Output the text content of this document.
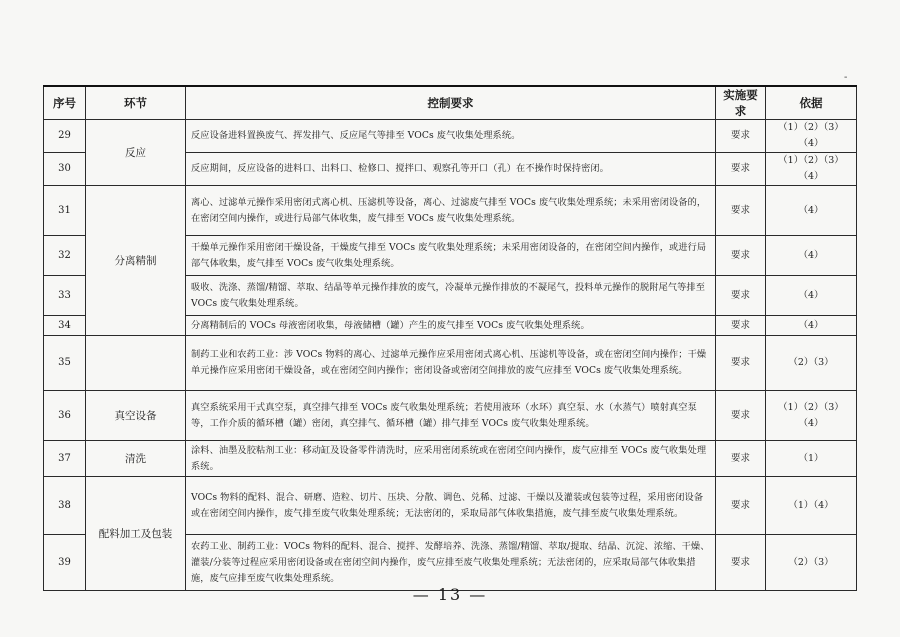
-
序号	环节	控制要求	实施要求	依据
29	反应	反应设备进料置换废气、挥发排气、反应尾气等排至 VOCs 废气收集处理系统。	要求	（1）（2）（3）（4）
30		反应期间，反应设备的进料口、出料口、检修口、搅拌口、观察孔等开口（孔）在不操作时保持密闭。	要求	（1）（2）（3）（4）
31	分离精制	离心、过滤单元操作采用密闭式离心机、压滤机等设备，离心、过滤废气排至 VOCs 废气收集处理系统；未采用密闭设备的，在密闭空间内操作，或进行局部气体收集，废气排至 VOCs 废气收集处理系统。	要求	（4）
32		干燥单元操作采用密闭干燥设备，干燥废气排至 VOCs 废气收集处理系统；未采用密闭设备的，在密闭空间内操作，或进行局部气体收集，废气排至 VOCs 废气收集处理系统。	要求	（4）
33		吸收、洗涤、蒸馏/精馏、萃取、结晶等单元操作排放的废气，冷凝单元操作排放的不凝尾气，投料单元操作的脱附尾气等排至 VOCs 废气收集处理系统。	要求	（4）
34		分离精制后的 VOCs 母液密闭收集，母液储槽（罐）产生的废气排至 VOCs 废气收集处理系统。	要求	（4）
35		制药工业和农药工业：涉 VOCs 物料的离心、过滤单元操作应采用密闭式离心机、压滤机等设备，或在密闭空间内操作；干燥单元操作应采用密闭干燥设备，或在密闭空间内操作；密闭设备或密闭空间排放的废气应排至 VOCs 废气收集处理系统。	要求	（2）（3）
36	真空设备	真空系统采用干式真空泵，真空排气排至 VOCs 废气收集处理系统；若使用液环（水环）真空泵、水（水蒸气）喷射真空泵等，工作介质的循环槽（罐）密闭，真空排气、循环槽（罐）排气排至 VOCs 废气收集处理系统。	要求	（1）（2）（3）（4）
37	清洗	涂料、油墨及胶粘剂工业：移动缸及设备零件清洗时，应采用密闭系统或在密闭空间内操作，废气应排至 VOCs 废气收集处理系统。	要求	（1）
38	配料加工及包装	VOCs 物料的配料、混合、研磨、造粒、切片、压块、分散、调色、兑稀、过滤、干燥以及灌装或包装等过程，采用密闭设备或在密闭空间内操作，废气排至废气收集处理系统；无法密闭的，采取局部气体收集措施，废气排至废气收集处理系统。	要求	（1）（4）
39		农药工业、制药工业：VOCs 物料的配料、混合、搅拌、发酵培养、洗涤、蒸馏/精馏、萃取/提取、结晶、沉淀、浓缩、干燥、灌装/分装等过程应采用密闭设备或在密闭空间内操作，废气应排至废气收集处理系统；无法密闭的，应采取局部气体收集措施，废气应排至废气收集处理系统。	要求	（2）（3）
— 13 —
